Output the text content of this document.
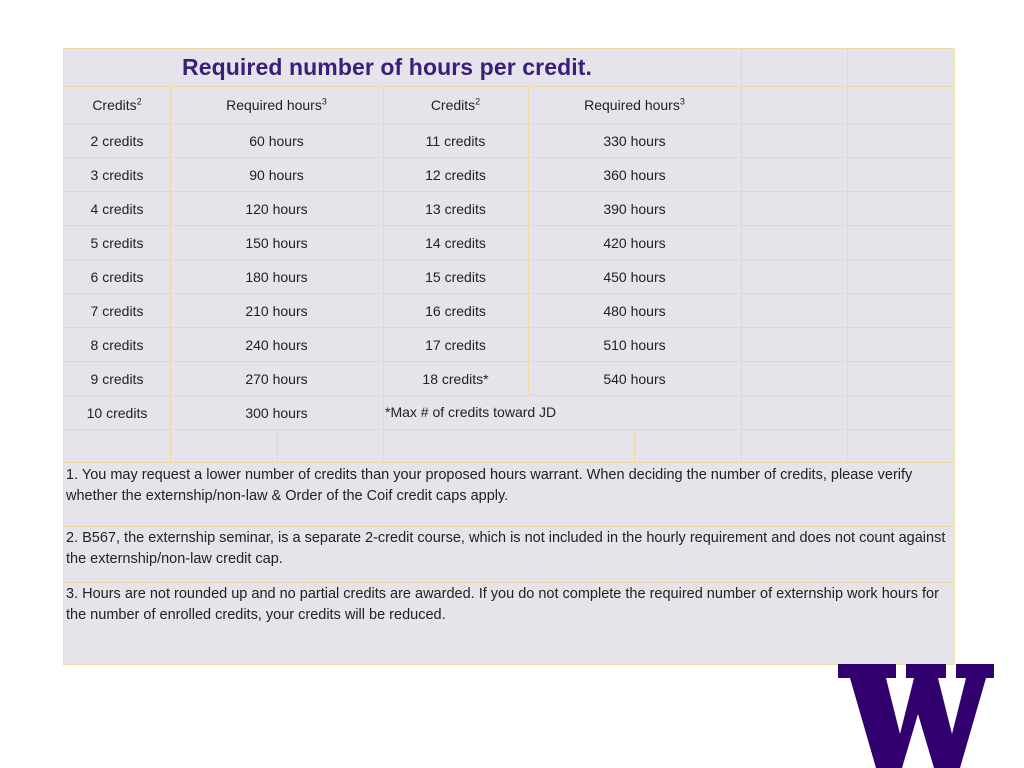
Required number of hours per credit.
Credits$^2$	Required hours$^3$	Credits$^2$	Required hours$^3$
2 credits	60 hours	11 credits	330 hours
3 credits	90 hours	12 credits	360 hours
4 credits	120 hours	13 credits	390 hours
5 credits	150 hours	14 credits	420 hours
6 credits	180 hours	15 credits	450 hours
7 credits	210 hours	16 credits	480 hours
8 credits	240 hours	17 credits	510 hours
9 credits	270 hours	18 credits*	540 hours
10 credits	300 hours	*Max # of credits toward JD
1. You may request a lower number of credits than your proposed hours warrant. When deciding the number of credits, please verify whether the externship/non-law & Order of the Coif credit caps apply.
2. B567, the externship seminar, is a separate 2-credit course, which is not included in the hourly requirement and does not count against the externship/non-law credit cap.
3. Hours are not rounded up and no partial credits are awarded. If you do not complete the required number of externship work hours for the number of enrolled credits, your credits will be reduced.
